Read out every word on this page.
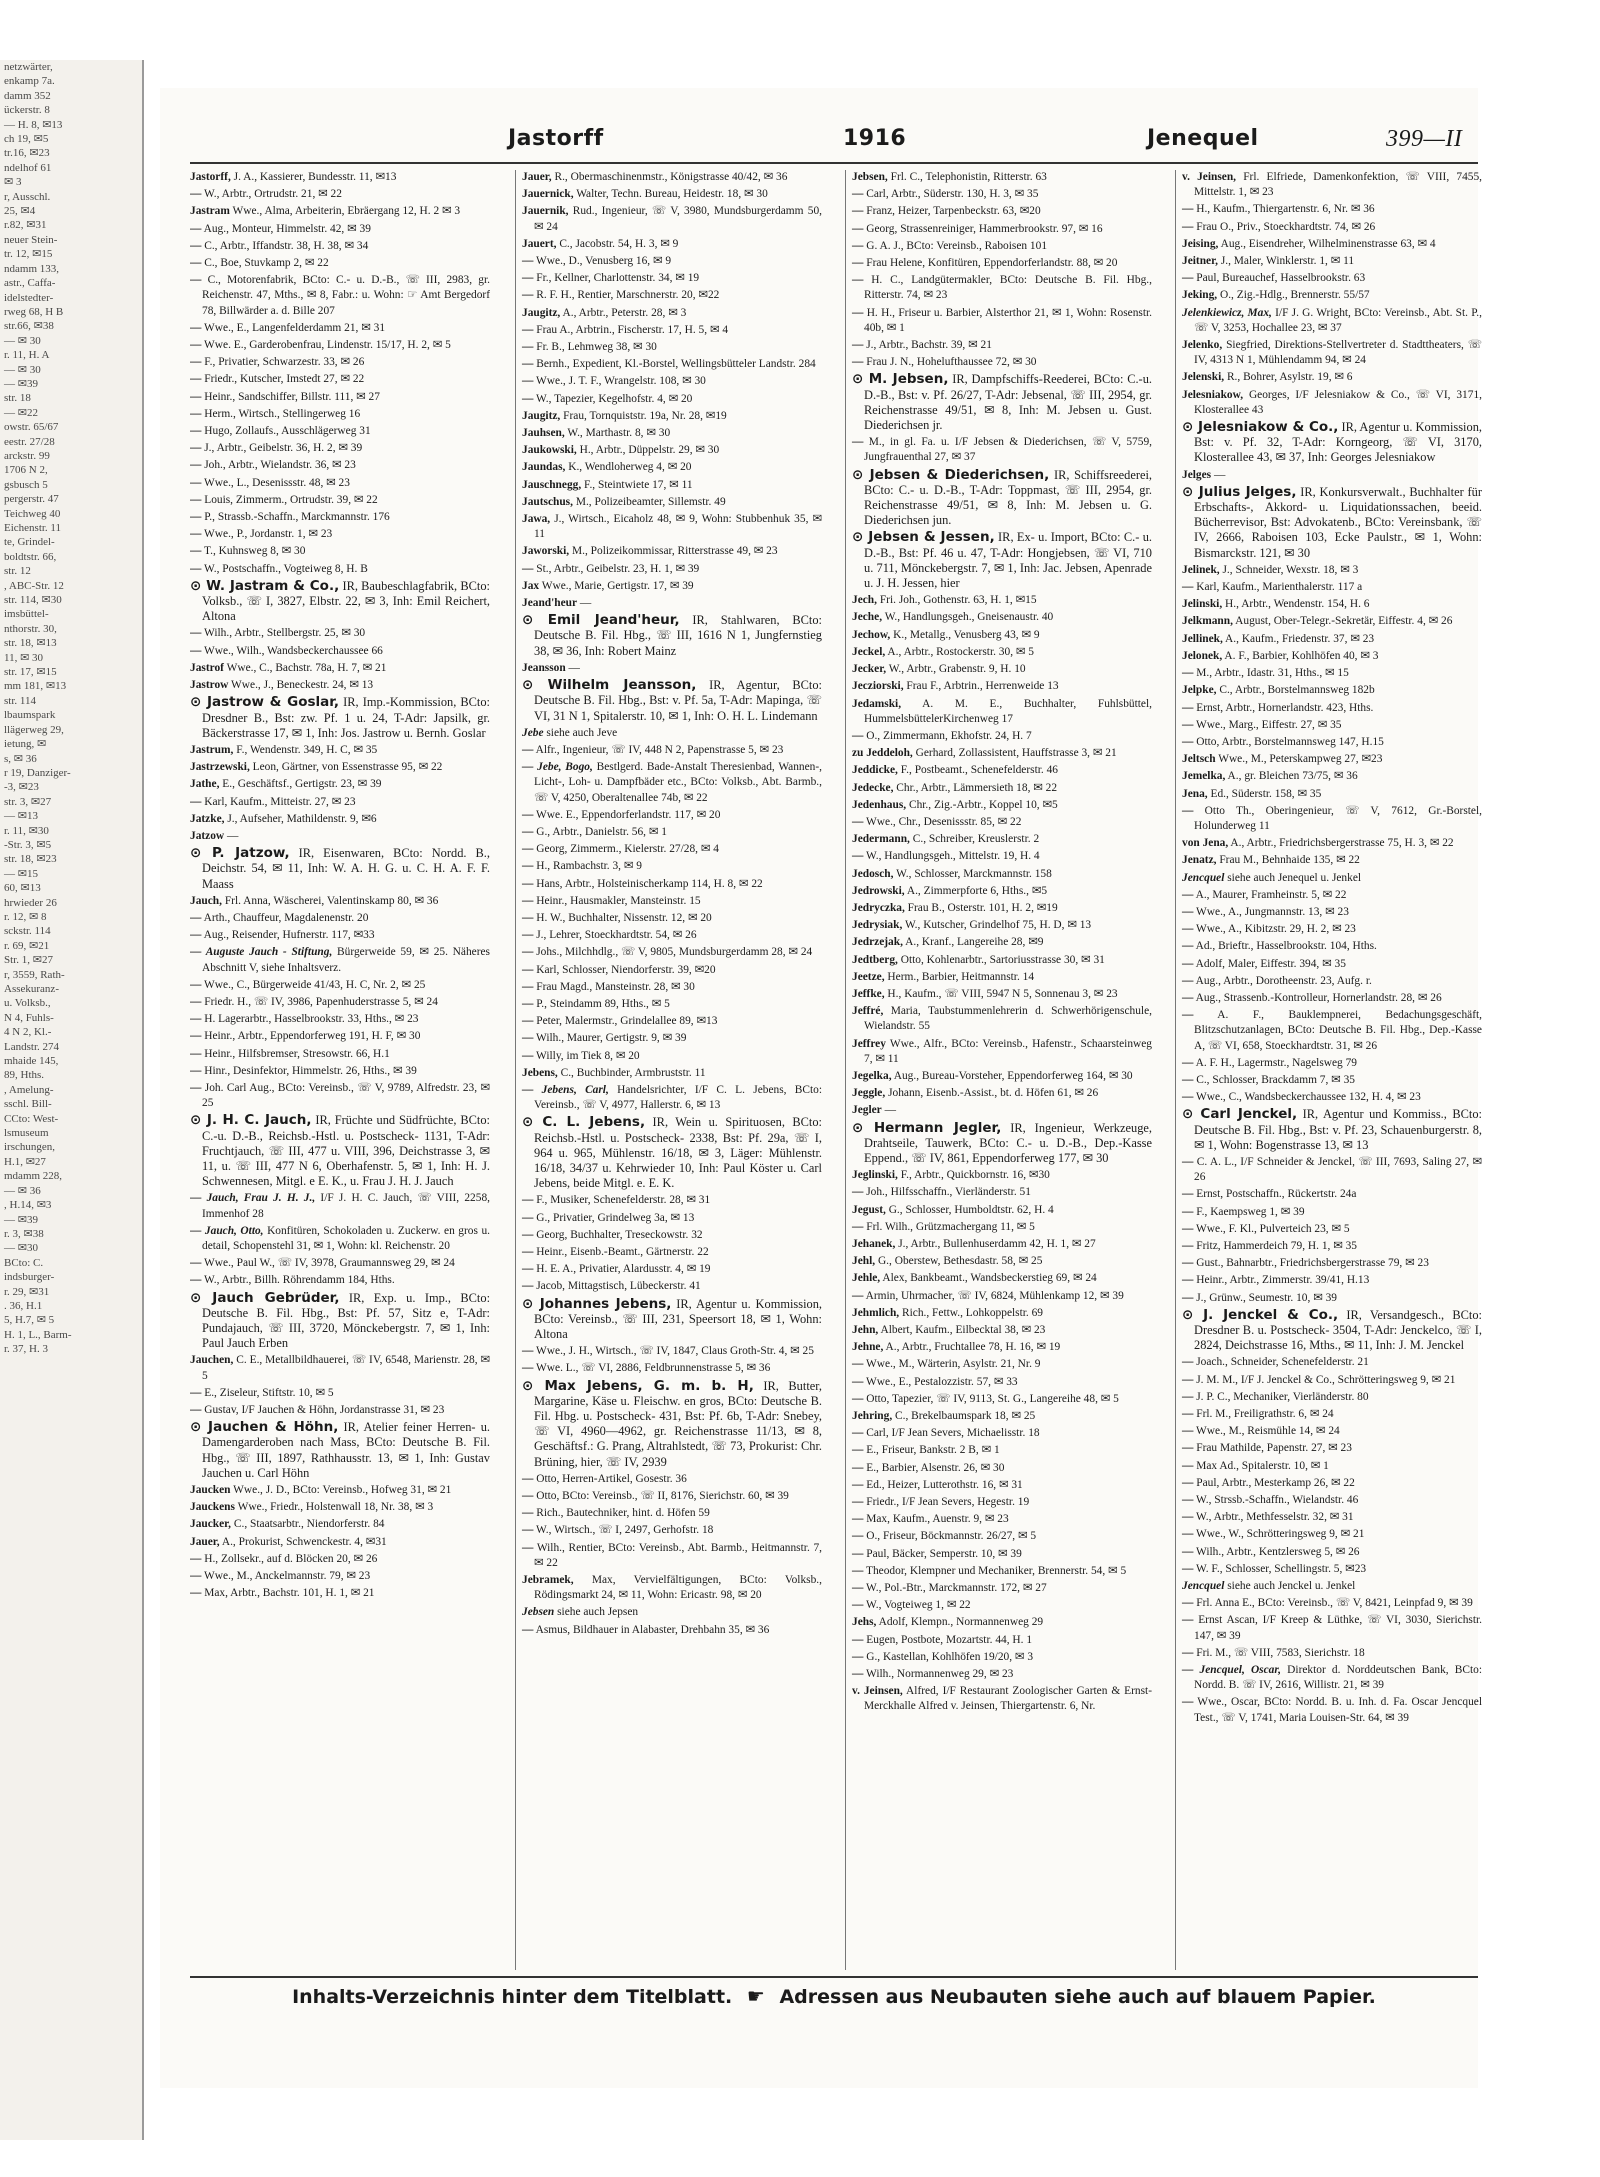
netzwärter,
enkamp 7a.
damm 352
ückerstr. 8
— H. 8, ✉13
ch 19, ✉5
tr.16, ✉23
ndelhof 61
✉ 3
r, Ausschl.
25, ✉4
r.82, ✉31
neuer Stein-
tr. 12, ✉15
ndamm 133,
astr., Caffa-
idelstedter-
rweg 68, H B
str.66, ✉38
— ✉ 30
r. 11, H. A
— ✉ 30
— ✉39
str. 18
— ✉22
owstr. 65/67
eestr. 27/28
arckstr. 99
1706 N 2,
gsbusch 5
pergerstr. 47
Teichweg 40
Eichenstr. 11
te, Grindel-
boldtstr. 66,
str. 12
, ABC-Str. 12
str. 114, ✉30
imsbüttel-
nthorstr. 30,
str. 18, ✉13
11, ✉ 30
str. 17, ✉15
mm 181, ✉13
str. 114
lbaumspark
llägerweg 29,
ietung, ✉
s, ✉ 36
r 19, Danziger-
-3, ✉23
str. 3, ✉27
— ✉13
r. 11, ✉30
-Str. 3, ✉5
str. 18, ✉23
— ✉15
60, ✉13
hrwieder 26
r. 12, ✉ 8
sckstr. 114
r. 69, ✉21
Str. 1, ✉27
r, 3559, Rath-
Assekuranz-
u. Volksb.,
N 4, Fuhls-
4 N 2, Kl.-
Landstr. 274
mhaide 145,
89, Hths.
, Amelung-
sschl. Bill-
CCto: West-
lsmuseum
irschungen,
H.1, ✉27
mdamm 228,
— ✉ 36
, H.14, ✉3
— ✉39
r. 3, ✉38
— ✉30
BCto: C.
indsburger-
r. 29, ✉31
. 36, H.1
5, H.7, ✉ 5
H. 1, L., Barm-
r. 37, H. 3
Jastorff	1916	Jenequel	399—II
Jastorff, J. A., Kassierer, Bundesstr. 11, ✉13
— W., Arbtr., Ortrudstr. 21, ✉ 22
Jastram Wwe., Alma, Arbeiterin, Ebräergang 12, H. 2 ✉ 3
— Aug., Monteur, Himmelstr. 42, ✉ 39
— C., Arbtr., Iffandstr. 38, H. 38, ✉ 34
— C., Boe, Stuvkamp 2, ✉ 22
— C., Motorenfabrik, BCto: C.- u. D.-B., ☏ III, 2983, gr. Reichenstr. 47, Mths., ✉ 8, Fabr.: u. Wohn: ☞ Amt Bergedorf 78, Billwärder a. d. Bille 207
— Wwe., E., Langenfelderdamm 21, ✉ 31
— Wwe. E., Garderobenfrau, Lindenstr. 15/17, H. 2, ✉ 5
— F., Privatier, Schwarzestr. 33, ✉ 26
— Friedr., Kutscher, Imstedt 27, ✉ 22
— Heinr., Sandschiffer, Billstr. 111, ✉ 27
— Herm., Wirtsch., Stellingerweg 16
— Hugo, Zollaufs., Ausschlägerweg 31
— J., Arbtr., Geibelstr. 36, H. 2, ✉ 39
— Joh., Arbtr., Wielandstr. 36, ✉ 23
— Wwe., L., Desenissstr. 48, ✉ 23
— Louis, Zimmerm., Ortrudstr. 39, ✉ 22
— P., Strassb.-Schaffn., Marckmannstr. 176
— Wwe., P., Jordanstr. 1, ✉ 23
— T., Kuhnsweg 8, ✉ 30
— W., Postschaffn., Vogteiweg 8, H. B
⊙ W. Jastram & Co., IR, Baubeschlagfabrik, BCto: Volksb., ☏ I, 3827, Elbstr. 22, ✉ 3, Inh: Emil Reichert, Altona
— Wilh., Arbtr., Stellbergstr. 25, ✉ 30
— Wwe., Wilh., Wandsbeckerchaussee 66
Jastrof Wwe., C., Bachstr. 78a, H. 7, ✉ 21
Jastrow Wwe., J., Beneckestr. 24, ✉ 13
⊙ Jastrow & Goslar, IR, Imp.-Kommission, BCto: Dresdner B., Bst: zw. Pf. 1 u. 24, T-Adr: Japsilk, gr. Bäckerstrasse 17, ✉ 1, Inh: Jos. Jastrow u. Bernh. Goslar
Jastrum, F., Wendenstr. 349, H. C, ✉ 35
Jastrzewski, Leon, Gärtner, von Essenstrasse 95, ✉ 22
Jathe, E., Geschäftsf., Gertigstr. 23, ✉ 39
— Karl, Kaufm., Mitteistr. 27, ✉ 23
Jatzke, J., Aufseher, Mathildenstr. 9, ✉6
Jatzow —
⊙ P. Jatzow, IR, Eisenwaren, BCto: Nordd. B., Deichstr. 54, ✉ 11, Inh: W. A. H. G. u. C. H. A. F. F. Maass
Jauch, Frl. Anna, Wäscherei, Valentinskamp 80, ✉ 36
— Arth., Chauffeur, Magdalenenstr. 20
— Aug., Reisender, Hufnerstr. 117, ✉33
— Auguste Jauch - Stiftung, Bürgerweide 59, ✉ 25. Näheres Abschnitt V, siehe Inhaltsverz.
— Wwe., C., Bürgerweide 41/43, H. C, Nr. 2, ✉ 25
— Friedr. H., ☏ IV, 3986, Papenhuderstrasse 5, ✉ 24
— H. Lagerarbtr., Hasselbrookstr. 33, Hths., ✉ 23
— Heinr., Arbtr., Eppendorferweg 191, H. F, ✉ 30
— Heinr., Hilfsbremser, Stresowstr. 66, H.1
— Hinr., Desinfektor, Himmelstr. 26, Hths., ✉ 39
— Joh. Carl Aug., BCto: Vereinsb., ☏ V, 9789, Alfredstr. 23, ✉ 25
⊙ J. H. C. Jauch, IR, Früchte und Südfrüchte, BCto: C.-u. D.-B., Reichsb.-Hstl. u. Postscheck- 1131, T-Adr: Fruchtjauch, ☏ III, 477 u. VIII, 396, Deichstrasse 3, ✉ 11, u. ☏ III, 477 N 6, Oberhafenstr. 5, ✉ 1, Inh: H. J. Schwennesen, Mitgl. e E. K., u. Frau J. H. J. Jauch
— Jauch, Frau J. H. J., I/F J. H. C. Jauch, ☏ VIII, 2258, Immenhof 28
— Jauch, Otto, Konfitüren, Schokoladen u. Zuckerw. en gros u. detail, Schopenstehl 31, ✉ 1, Wohn: kl. Reichenstr. 20
— Wwe., Paul W., ☏ IV, 3978, Graumannsweg 29, ✉ 24
— W., Arbtr., Billh. Röhrendamm 184, Hths.
⊙ Jauch Gebrüder, IR, Exp. u. Imp., BCto: Deutsche B. Fil. Hbg., Bst: Pf. 57, Sitz e, T-Adr: Pundajauch, ☏ III, 3720, Mönckebergstr. 7, ✉ 1, Inh: Paul Jauch Erben
Jauchen, C. E., Metallbildhauerei, ☏ IV, 6548, Marienstr. 28, ✉ 5
— E., Ziseleur, Stiftstr. 10, ✉ 5
— Gustav, I/F Jauchen & Höhn, Jordanstrasse 31, ✉ 23
⊙ Jauchen & Höhn, IR, Atelier feiner Herren- u. Damengarderoben nach Mass, BCto: Deutsche B. Fil. Hbg., ☏ III, 1897, Rathhausstr. 13, ✉ 1, Inh: Gustav Jauchen u. Carl Höhn
Jaucken Wwe., J. D., BCto: Vereinsb., Hofweg 31, ✉ 21
Jauckens Wwe., Friedr., Holstenwall 18, Nr. 38, ✉ 3
Jaucker, C., Staatsarbtr., Niendorferstr. 84
Jauer, A., Prokurist, Schwenckestr. 4, ✉31
— H., Zollsekr., auf d. Blöcken 20, ✉ 26
— Wwe., M., Anckelmannstr. 79, ✉ 23
— Max, Arbtr., Bachstr. 101, H. 1, ✉ 21
Jauer, R., Obermaschinenmstr., Königstrasse 40/42, ✉ 36
Jauernick, Walter, Techn. Bureau, Heidestr. 18, ✉ 30
Jauernik, Rud., Ingenieur, ☏ V, 3980, Mundsburgerdamm 50, ✉ 24
Jauert, C., Jacobstr. 54, H. 3, ✉ 9
— Wwe., D., Venusberg 16, ✉ 9
— Fr., Kellner, Charlottenstr. 34, ✉ 19
— R. F. H., Rentier, Marschnerstr. 20, ✉22
Jaugitz, A., Arbtr., Peterstr. 28, ✉ 3
— Frau A., Arbtrin., Fischerstr. 17, H. 5, ✉ 4
— Fr. B., Lehmweg 38, ✉ 30
— Bernh., Expedient, Kl.-Borstel, Wellingsbütteler Landstr. 284
— Wwe., J. T. F., Wrangelstr. 108, ✉ 30
— W., Tapezier, Kegelhofstr. 4, ✉ 20
Jaugitz, Frau, Tornquiststr. 19a, Nr. 28, ✉19
Jauhsen, W., Marthastr. 8, ✉ 30
Jaukowski, H., Arbtr., Düppelstr. 29, ✉ 30
Jaundas, K., Wendloherweg 4, ✉ 20
Jauschnegg, F., Steintwiete 17, ✉ 11
Jautschus, M., Polizeibeamter, Sillemstr. 49
Jawa, J., Wirtsch., Eicaholz 48, ✉ 9, Wohn: Stubbenhuk 35, ✉ 11
Jaworski, M., Polizeikommissar, Ritterstrasse 49, ✉ 23
— St., Arbtr., Geibelstr. 23, H. 1, ✉ 39
Jax Wwe., Marie, Gertigstr. 17, ✉ 39
Jeand'heur —
⊙ Emil Jeand'heur, IR, Stahlwaren, BCto: Deutsche B. Fil. Hbg., ☏ III, 1616 N 1, Jungfernstieg 38, ✉ 36, Inh: Robert Mainz
Jeansson —
⊙ Wilhelm Jeansson, IR, Agentur, BCto: Deutsche B. Fil. Hbg., Bst: v. Pf. 5a, T-Adr: Mapinga, ☏ VI, 31 N 1, Spitalerstr. 10, ✉ 1, Inh: O. H. L. Lindemann
Jebe siehe auch Jeve
— Alfr., Ingenieur, ☏ IV, 448 N 2, Papenstrasse 5, ✉ 23
— Jebe, Bogo, Bestlgerd. Bade-Anstalt Theresienbad, Wannen-, Licht-, Loh- u. Dampfbäder etc., BCto: Volksb., Abt. Barmb., ☏ V, 4250, Oberaltenallee 74b, ✉ 22
— Wwe. E., Eppendorferlandstr. 117, ✉ 20
— G., Arbtr., Danielstr. 56, ✉ 1
— Georg, Zimmerm., Kielerstr. 27/28, ✉ 4
— H., Rambachstr. 3, ✉ 9
— Hans, Arbtr., Holsteinischerkamp 114, H. 8, ✉ 22
— Heinr., Hausmakler, Mansteinstr. 15
— H. W., Buchhalter, Nissenstr. 12, ✉ 20
— J., Lehrer, Stoeckhardtstr. 54, ✉ 26
— Johs., Milchhdlg., ☏ V, 9805, Mundsburgerdamm 28, ✉ 24
— Karl, Schlosser, Niendorferstr. 39, ✉20
— Frau Magd., Mansteinstr. 28, ✉ 30
— P., Steindamm 89, Hths., ✉ 5
— Peter, Malermstr., Grindelallee 89, ✉13
— Wilh., Maurer, Gertigstr. 9, ✉ 39
— Willy, im Tiek 8, ✉ 20
Jebens, C., Buchbinder, Armbruststr. 11
— Jebens, Carl, Handelsrichter, I/F C. L. Jebens, BCto: Vereinsb., ☏ V, 4977, Hallerstr. 6, ✉ 13
⊙ C. L. Jebens, IR, Wein u. Spirituosen, BCto: Reichsb.-Hstl. u. Postscheck- 2338, Bst: Pf. 29a, ☏ I, 964 u. 965, Mühlenstr. 16/18, ✉ 3, Läger: Mühlenstr. 16/18, 34/37 u. Kehrwieder 10, Inh: Paul Köster u. Carl Jebens, beide Mitgl. e. E. K.
— F., Musiker, Schenefelderstr. 28, ✉ 31
— G., Privatier, Grindelweg 3a, ✉ 13
— Georg, Buchhalter, Treseckowstr. 32
— Heinr., Eisenb.-Beamt., Gärtnerstr. 22
— H. E. A., Privatier, Alardusstr. 4, ✉ 19
— Jacob, Mittagstisch, Lübeckerstr. 41
⊙ Johannes Jebens, IR, Agentur u. Kommission, BCto: Vereinsb., ☏ III, 231, Speersort 18, ✉ 1, Wohn: Altona
— Wwe., J. H., Wirtsch., ☏ IV, 1847, Claus Groth-Str. 4, ✉ 25
— Wwe. L., ☏ VI, 2886, Feldbrunnenstrasse 5, ✉ 36
⊙ Max Jebens, G. m. b. H, IR, Butter, Margarine, Käse u. Fleischw. en gros, BCto: Deutsche B. Fil. Hbg. u. Postscheck- 431, Bst: Pf. 6b, T-Adr: Snebey, ☏ VI, 4960—4962, gr. Reichenstrasse 11/13, ✉ 8, Geschäftsf.: G. Prang, Altrahlstedt, ☏ 73, Prokurist: Chr. Brüning, hier, ☏ IV, 2939
— Otto, Herren-Artikel, Gosestr. 36
— Otto, BCto: Vereinsb., ☏ II, 8176, Sierichstr. 60, ✉ 39
— Rich., Bautechniker, hint. d. Höfen 59
— W., Wirtsch., ☏ I, 2497, Gerhofstr. 18
— Wilh., Rentier, BCto: Vereinsb., Abt. Barmb., Heitmannstr. 7, ✉ 22
Jebramek, Max, Vervielfältigungen, BCto: Volksb., Rödingsmarkt 24, ✉ 11, Wohn: Ericastr. 98, ✉ 20
Jebsen siehe auch Jepsen
— Asmus, Bildhauer in Alabaster, Drehbahn 35, ✉ 36
Jebsen, Frl. C., Telephonistin, Ritterstr. 63
— Carl, Arbtr., Süderstr. 130, H. 3, ✉ 35
— Franz, Heizer, Tarpenbeckstr. 63, ✉20
— Georg, Strassenreiniger, Hammerbrookstr. 97, ✉ 16
— G. A. J., BCto: Vereinsb., Raboisen 101
— Frau Helene, Konfitüren, Eppendorferlandstr. 88, ✉ 20
— H. C., Landgütermakler, BCto: Deutsche B. Fil. Hbg., Ritterstr. 74, ✉ 23
— H. H., Friseur u. Barbier, Alsterthor 21, ✉ 1, Wohn: Rosenstr. 40b, ✉ 1
— J., Arbtr., Bachstr. 39, ✉ 21
— Frau J. N., Hohelufthaussee 72, ✉ 30
⊙ M. Jebsen, IR, Dampfschiffs-Reederei, BCto: C.-u. D.-B., Bst: v. Pf. 26/27, T-Adr: Jebsenal, ☏ III, 2954, gr. Reichenstrasse 49/51, ✉ 8, Inh: M. Jebsen u. Gust. Diederichsen jr.
— M., in gl. Fa. u. I/F Jebsen & Diederichsen, ☏ V, 5759, Jungfrauenthal 27, ✉ 37
⊙ Jebsen & Diederichsen, IR, Schiffsreederei, BCto: C.- u. D.-B., T-Adr: Toppmast, ☏ III, 2954, gr. Reichenstrasse 49/51, ✉ 8, Inh: M. Jebsen u. G. Diederichsen jun.
⊙ Jebsen & Jessen, IR, Ex- u. Import, BCto: C.- u. D.-B., Bst: Pf. 46 u. 47, T-Adr: Hongjebsen, ☏ VI, 710 u. 711, Mönckebergstr. 7, ✉ 1, Inh: Jac. Jebsen, Apenrade u. J. H. Jessen, hier
Jech, Fri. Joh., Gothenstr. 63, H. 1, ✉15
Jeche, W., Handlungsgeh., Gneisenaustr. 40
Jechow, K., Metallg., Venusberg 43, ✉ 9
Jeckel, A., Arbtr., Rostockerstr. 30, ✉ 5
Jecker, W., Arbtr., Grabenstr. 9, H. 10
Jecziorski, Frau F., Arbtrin., Herrenweide 13
Jedamski, A. M. E., Buchhalter, Fuhlsbüttel, HummelsbüttelerKirchenweg 17
— O., Zimmermann, Ekhofstr. 24, H. 7
zu Jeddeloh, Gerhard, Zollassistent, Hauffstrasse 3, ✉ 21
Jeddicke, F., Postbeamt., Schenefelderstr. 46
Jedecke, Chr., Arbtr., Lämmersieth 18, ✉ 22
Jedenhaus, Chr., Zig.-Arbtr., Koppel 10, ✉5
— Wwe., Chr., Desenissstr. 85, ✉ 22
Jedermann, C., Schreiber, Kreuslerstr. 2
— W., Handlungsgeh., Mittelstr. 19, H. 4
Jedosch, W., Schlosser, Marckmannstr. 158
Jedrowski, A., Zimmerpforte 6, Hths., ✉5
Jedryczka, Frau B., Osterstr. 101, H. 2, ✉19
Jedrysiak, W., Kutscher, Grindelhof 75, H. D, ✉ 13
Jedrzejak, A., Kranf., Langereihe 28, ✉9
Jedtberg, Otto, Kohlenarbtr., Sartoriusstrasse 30, ✉ 31
Jeetze, Herm., Barbier, Heitmannstr. 14
Jeffke, H., Kaufm., ☏ VIII, 5947 N 5, Sonnenau 3, ✉ 23
Jeffré, Maria, Taubstummenlehrerin d. Schwerhörigenschule, Wielandstr. 55
Jeffrey Wwe., Alfr., BCto: Vereinsb., Hafenstr., Schaarsteinweg 7, ✉ 11
Jegelka, Aug., Bureau-Vorsteher, Eppendorferweg 164, ✉ 30
Jeggle, Johann, Eisenb.-Assist., bt. d. Höfen 61, ✉ 26
Jegler —
⊙ Hermann Jegler, IR, Ingenieur, Werkzeuge, Drahtseile, Tauwerk, BCto: C.- u. D.-B., Dep.-Kasse Eppend., ☏ IV, 861, Eppendorferweg 177, ✉ 30
Jeglinski, F., Arbtr., Quickbornstr. 16, ✉30
— Joh., Hilfsschaffn., Vierländerstr. 51
Jegust, G., Schlosser, Humboldtstr. 62, H. 4
— Frl. Wilh., Grützmachergang 11, ✉ 5
Jehanek, J., Arbtr., Bullenhuserdamm 42, H. 1, ✉ 27
Jehl, G., Oberstew, Bethesdastr. 58, ✉ 25
Jehle, Alex, Bankbeamt., Wandsbeckerstieg 69, ✉ 24
— Armin, Uhrmacher, ☏ IV, 6824, Mühlenkamp 12, ✉ 39
Jehmlich, Rich., Fettw., Lohkoppelstr. 69
Jehn, Albert, Kaufm., Eilbecktal 38, ✉ 23
Jehne, A., Arbtr., Fruchtallee 78, H. 16, ✉ 19
— Wwe., M., Wärterin, Asylstr. 21, Nr. 9
— Wwe., E., Pestalozzistr. 57, ✉ 33
— Otto, Tapezier, ☏ IV, 9113, St. G., Langereihe 48, ✉ 5
Jehring, C., Brekelbaumspark 18, ✉ 25
— Carl, I/F Jean Severs, Michaelisstr. 18
— E., Friseur, Bankstr. 2 B, ✉ 1
— E., Barbier, Alsenstr. 26, ✉ 30
— Ed., Heizer, Lutterothstr. 16, ✉ 31
— Friedr., I/F Jean Severs, Hegestr. 19
— Max, Kaufm., Auenstr. 9, ✉ 23
— O., Friseur, Böckmannstr. 26/27, ✉ 5
— Paul, Bäcker, Semperstr. 10, ✉ 39
— Theodor, Klempner und Mechaniker, Brennerstr. 54, ✉ 5
— W., Pol.-Btr., Marckmannstr. 172, ✉ 27
— W., Vogteiweg 1, ✉ 22
Jehs, Adolf, Klempn., Normannenweg 29
— Eugen, Postbote, Mozartstr. 44, H. 1
— G., Kastellan, Kohlhöfen 19/20, ✉ 3
— Wilh., Normannenweg 29, ✉ 23
v. Jeinsen, Alfred, I/F Restaurant Zoologischer Garten & Ernst-Merckhalle Alfred v. Jeinsen, Thiergartenstr. 6, Nr.
v. Jeinsen, Frl. Elfriede, Damenkonfektion, ☏ VIII, 7455, Mittelstr. 1, ✉ 23
— H., Kaufm., Thiergartenstr. 6, Nr. ✉ 36
— Frau O., Priv., Stoeckhardtstr. 74, ✉ 26
Jeising, Aug., Eisendreher, Wilhelminenstrasse 63, ✉ 4
Jeitner, J., Maler, Winklerstr. 1, ✉ 11
— Paul, Bureauchef, Hasselbrookstr. 63
Jeking, O., Zig.-Hdlg., Brennerstr. 55/57
Jelenkiewicz, Max, I/F J. G. Wright, BCto: Vereinsb., Abt. St. P., ☏ V, 3253, Hochallee 23, ✉ 37
Jelenko, Siegfried, Direktions-Stellvertreter d. Stadttheaters, ☏ IV, 4313 N 1, Mühlendamm 94, ✉ 24
Jelenski, R., Bohrer, Asylstr. 19, ✉ 6
Jelesniakow, Georges, I/F Jelesniakow & Co., ☏ VI, 3171, Klosterallee 43
⊙ Jelesniakow & Co., IR, Agentur u. Kommission, Bst: v. Pf. 32, T-Adr: Korngeorg, ☏ VI, 3170, Klosterallee 43, ✉ 37, Inh: Georges Jelesniakow
Jelges —
⊙ Julius Jelges, IR, Konkursverwalt., Buchhalter für Erbschafts-, Akkord- u. Liquidationssachen, beeid. Bücherrevisor, Bst: Advokatenb., BCto: Vereinsbank, ☏ IV, 2666, Raboisen 103, Ecke Paulstr., ✉ 1, Wohn: Bismarckstr. 121, ✉ 30
Jelinek, J., Schneider, Wexstr. 18, ✉ 3
— Karl, Kaufm., Marienthalerstr. 117 a
Jelinski, H., Arbtr., Wendenstr. 154, H. 6
Jelkmann, August, Ober-Telegr.-Sekretär, Eiffestr. 4, ✉ 26
Jellinek, A., Kaufm., Friedenstr. 37, ✉ 23
Jelonek, A. F., Barbier, Kohlhöfen 40, ✉ 3
— M., Arbtr., Idastr. 31, Hths., ✉ 15
Jelpke, C., Arbtr., Borstelmannsweg 182b
— Ernst, Arbtr., Hornerlandstr. 423, Hths.
— Wwe., Marg., Eiffestr. 27, ✉ 35
— Otto, Arbtr., Borstelmannsweg 147, H.15
Jeltsch Wwe., M., Peterskampweg 27, ✉23
Jemelka, A., gr. Bleichen 73/75, ✉ 36
Jena, Ed., Süderstr. 158, ✉ 35
— Otto Th., Oberingenieur, ☏ V, 7612, Gr.-Borstel, Holunderweg 11
von Jena, A., Arbtr., Friedrichsbergerstrasse 75, H. 3, ✉ 22
Jenatz, Frau M., Behnhaide 135, ✉ 22
Jencquel siehe auch Jenequel u. Jenkel
— A., Maurer, Framheinstr. 5, ✉ 22
— Wwe., A., Jungmannstr. 13, ✉ 23
— Wwe., A., Kibitzstr. 29, H. 2, ✉ 23
— Ad., Brieftr., Hasselbrookstr. 104, Hths.
— Adolf, Maler, Eiffestr. 394, ✉ 35
— Aug., Arbtr., Dorotheenstr. 23, Aufg. r.
— Aug., Strassenb.-Kontrolleur, Hornerlandstr. 28, ✉ 26
— A. F., Bauklempnerei, Bedachungsgeschäft, Blitzschutzanlagen, BCto: Deutsche B. Fil. Hbg., Dep.-Kasse A, ☏ VI, 658, Stoeckhardtstr. 31, ✉ 26
— A. F. H., Lagermstr., Nagelsweg 79
— C., Schlosser, Brackdamm 7, ✉ 35
— Wwe., C., Wandsbeckerchaussee 132, H. 4, ✉ 23
⊙ Carl Jenckel, IR, Agentur und Kommiss., BCto: Deutsche B. Fil. Hbg., Bst: v. Pf. 23, Schauenburgerstr. 8, ✉ 1, Wohn: Bogenstrasse 13, ✉ 13
— C. A. L., I/F Schneider & Jenckel, ☏ III, 7693, Saling 27, ✉ 26
— Ernst, Postschaffn., Rückertstr. 24a
— F., Kaempsweg 1, ✉ 39
— Wwe., F. Kl., Pulverteich 23, ✉ 5
— Fritz, Hammerdeich 79, H. 1, ✉ 35
— Gust., Bahnarbtr., Friedrichsbergerstrasse 79, ✉ 23
— Heinr., Arbtr., Zimmerstr. 39/41, H.13
— J., Grünw., Seumestr. 10, ✉ 39
⊙ J. Jenckel & Co., IR, Versandgesch., BCto: Dresdner B. u. Postscheck- 3504, T-Adr: Jenckelco, ☏ I, 2824, Deichstrasse 16, Mths., ✉ 11, Inh: J. M. Jenckel
— Joach., Schneider, Schenefelderstr. 21
— J. M. M., I/F J. Jenckel & Co., Schrötteringsweg 9, ✉ 21
— J. P. C., Mechaniker, Vierländerstr. 80
— Frl. M., Freiligrathstr. 6, ✉ 24
— Wwe., M., Reismühle 14, ✉ 24
— Frau Mathilde, Papenstr. 27, ✉ 23
— Max Ad., Spitalerstr. 10, ✉ 1
— Paul, Arbtr., Mesterkamp 26, ✉ 22
— W., Strssb.-Schaffn., Wielandstr. 46
— W., Arbtr., Methfesselstr. 32, ✉ 31
— Wwe., W., Schrötteringsweg 9, ✉ 21
— Wilh., Arbtr., Kentzlersweg 5, ✉ 26
— W. F., Schlosser, Schellingstr. 5, ✉23
Jencquel siehe auch Jenckel u. Jenkel
— Frl. Anna E., BCto: Vereinsb., ☏ V, 8421, Leinpfad 9, ✉ 39
— Ernst Ascan, I/F Kreep & Lüthke, ☏ VI, 3030, Sierichstr. 147, ✉ 39
— Fri. M., ☏ VIII, 7583, Sierichstr. 18
— Jencquel, Oscar, Direktor d. Norddeutschen Bank, BCto: Nordd. B. ☏ IV, 2616, Willistr. 21, ✉ 39
— Wwe., Oscar, BCto: Nordd. B. u. Inh. d. Fa. Oscar Jencquel Test., ☏ V, 1741, Maria Louisen-Str. 64, ✉ 39
Inhalts-Verzeichnis hinter dem Titelblatt. ☛ Adressen aus Neubauten siehe auch auf blauem Papier.
